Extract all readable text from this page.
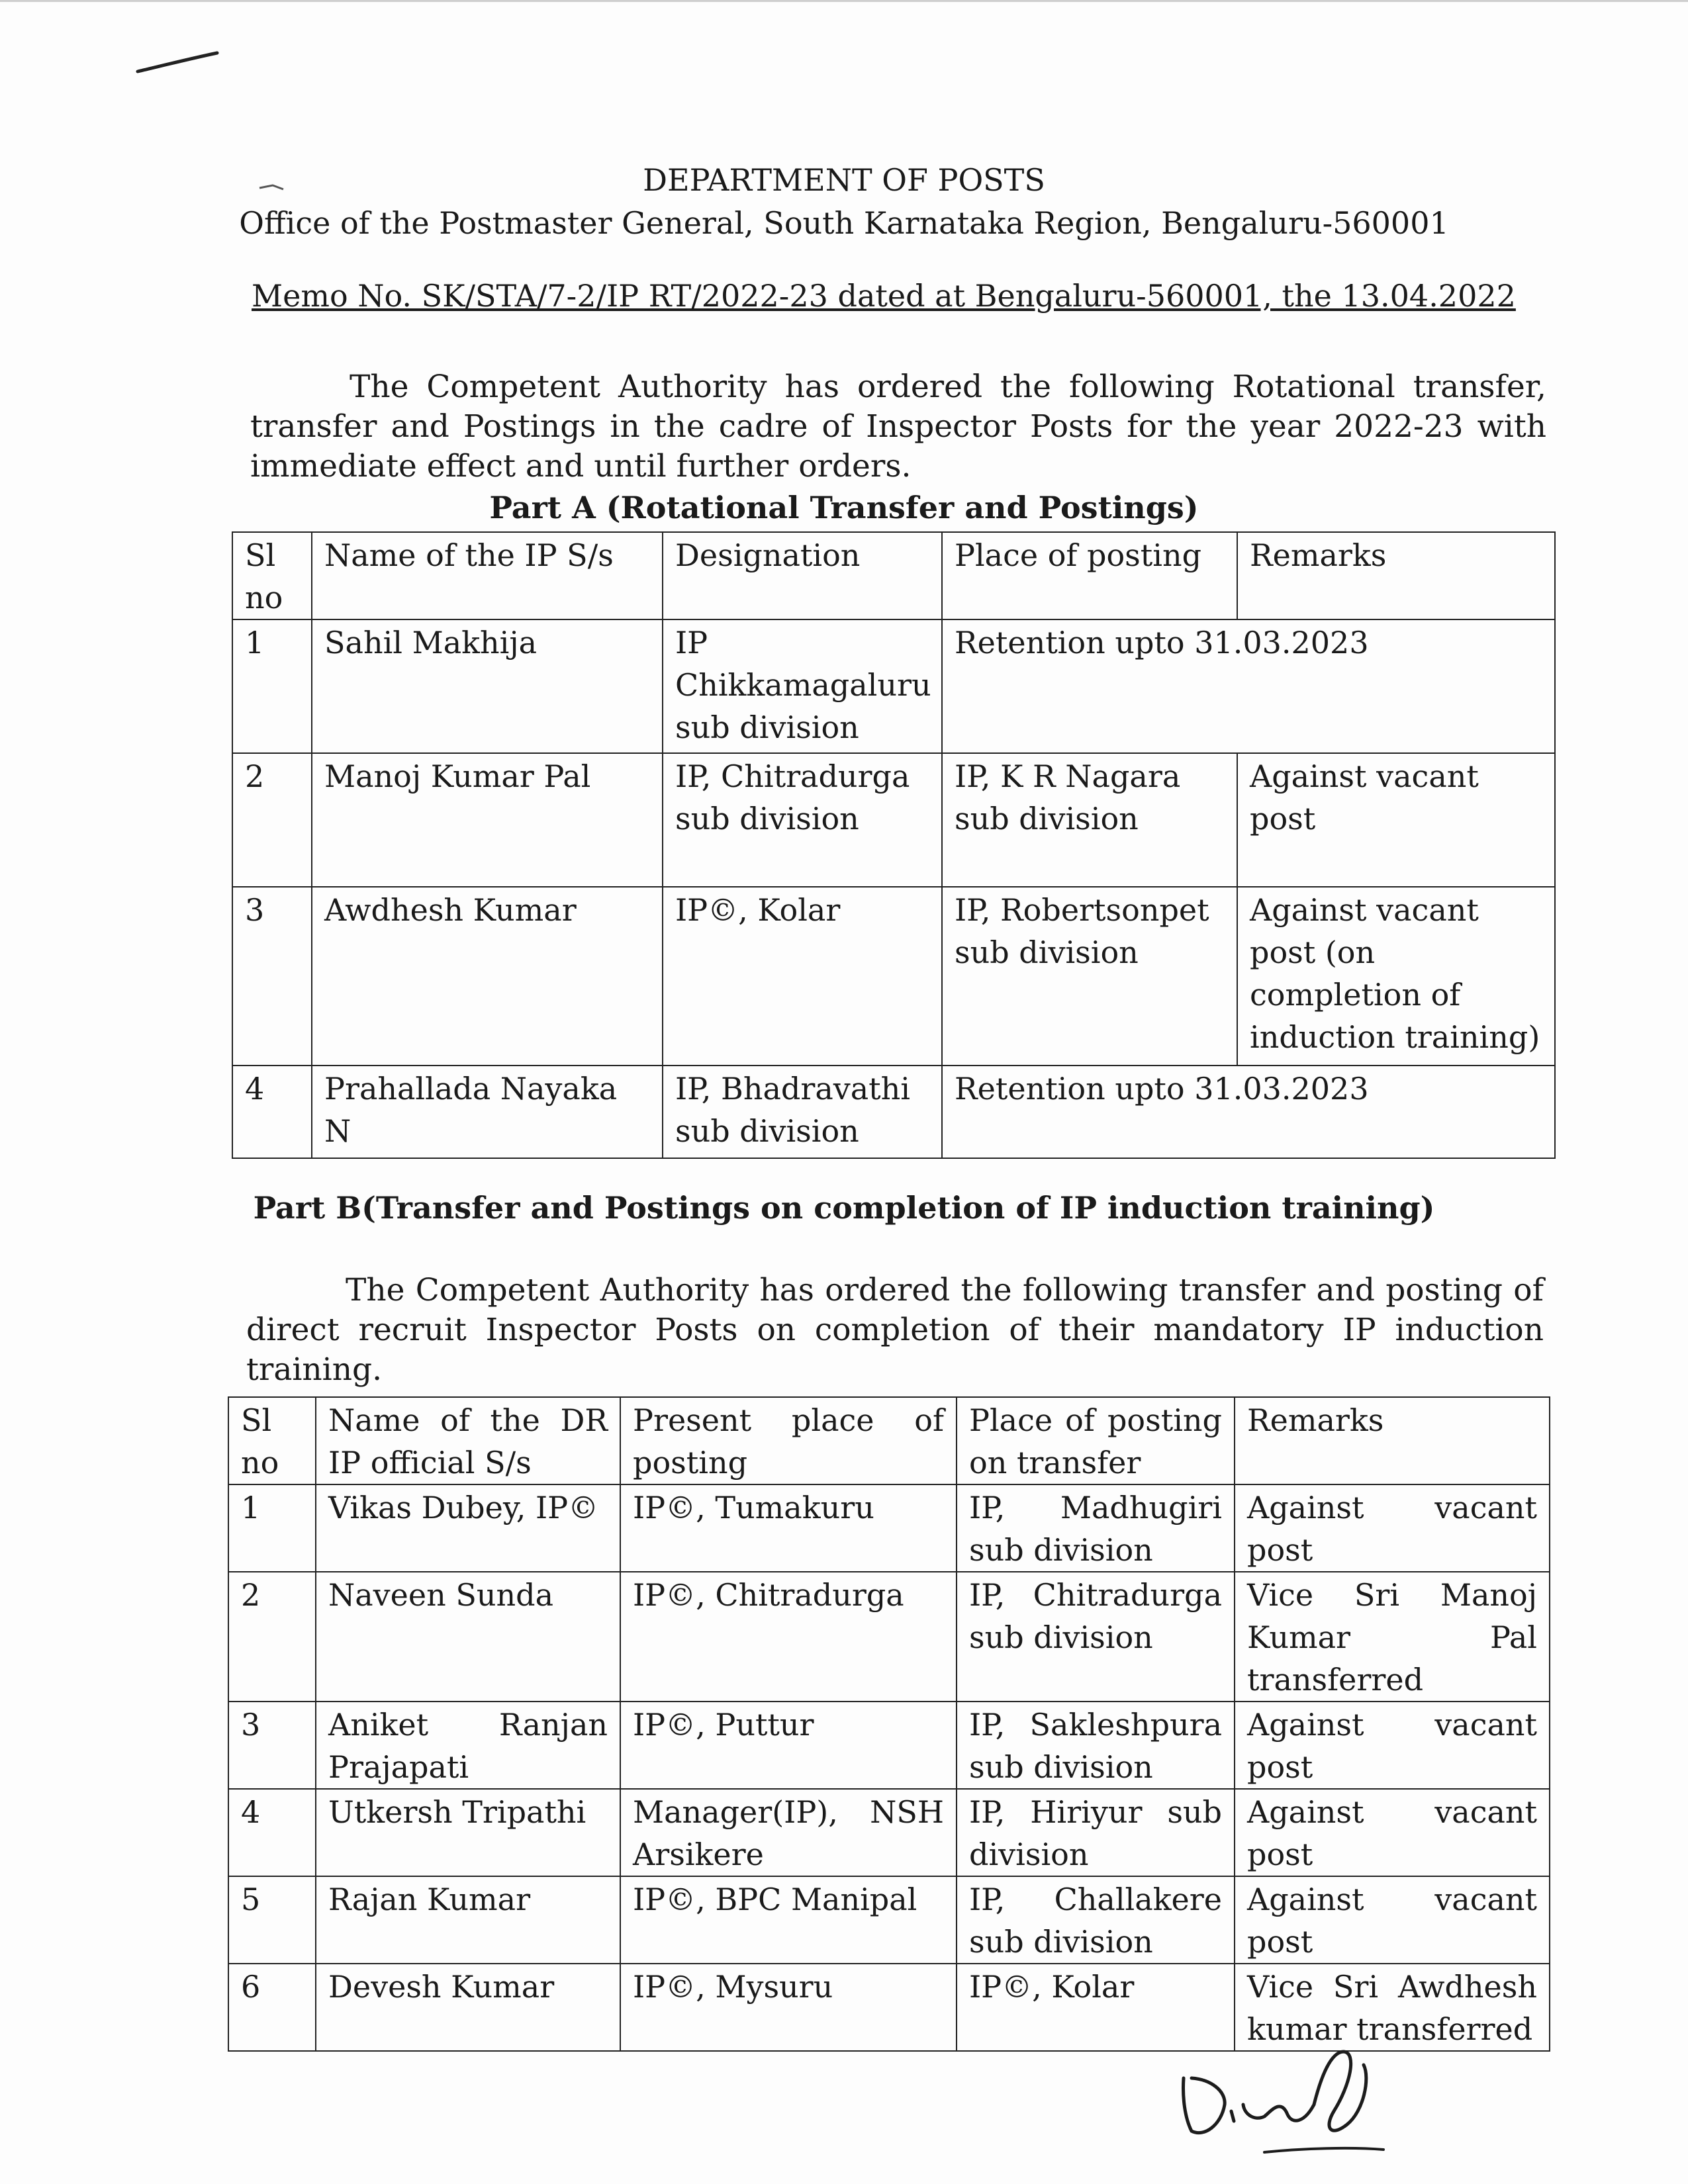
DEPARTMENT OF POSTS
Office of the Postmaster General, South Karnataka Region, Bengaluru-560001
Memo No. SK/STA/7-2/IP RT/2022-23 dated at Bengaluru-560001, the 13.04.2022
The Competent Authority has ordered the following Rotational transfer, transfer and Postings in the cadre of Inspector Posts for the year 2022-23 with immediate effect and until further orders.
Part A (Rotational Transfer and Postings)
Sl no	Name of the IP S/s	Designation	Place of posting	Remarks
1	Sahil Makhija	IP Chikkamagaluru sub division	Retention upto 31.03.2023	
2	Manoj Kumar Pal	IP, Chitradurga sub division	IP, K R Nagara sub division	Against vacant post
3	Awdhesh Kumar	IP©, Kolar	IP, Robertsonpet sub division	Against vacant post (on completion of induction training)
4	Prahallada Nayaka N	IP, Bhadravathi sub division	Retention upto 31.03.2023	
Part B(Transfer and Postings on completion of IP induction training)
The Competent Authority has ordered the following transfer and posting of direct recruit Inspector Posts on completion of their mandatory IP induction training.
Sl no	Name of the DR IP official S/s	Present place of posting	Place of posting on transfer	Remarks
1	Vikas Dubey, IP©	IP©, Tumakuru	IP, Madhugiri sub division	Against vacant post
2	Naveen Sunda	IP©, Chitradurga	IP, Chitradurga sub division	Vice Sri Manoj Kumar Pal transferred
3	Aniket Ranjan Prajapati	IP©, Puttur	IP, Sakleshpura sub division	Against vacant post
4	Utkersh Tripathi	Manager(IP), NSH Arsikere	IP, Hiriyur sub division	Against vacant post
5	Rajan Kumar	IP©, BPC Manipal	IP, Challakere sub division	Against vacant post
6	Devesh Kumar	IP©, Mysuru	IP©, Kolar	Vice Sri Awdhesh kumar transferred
